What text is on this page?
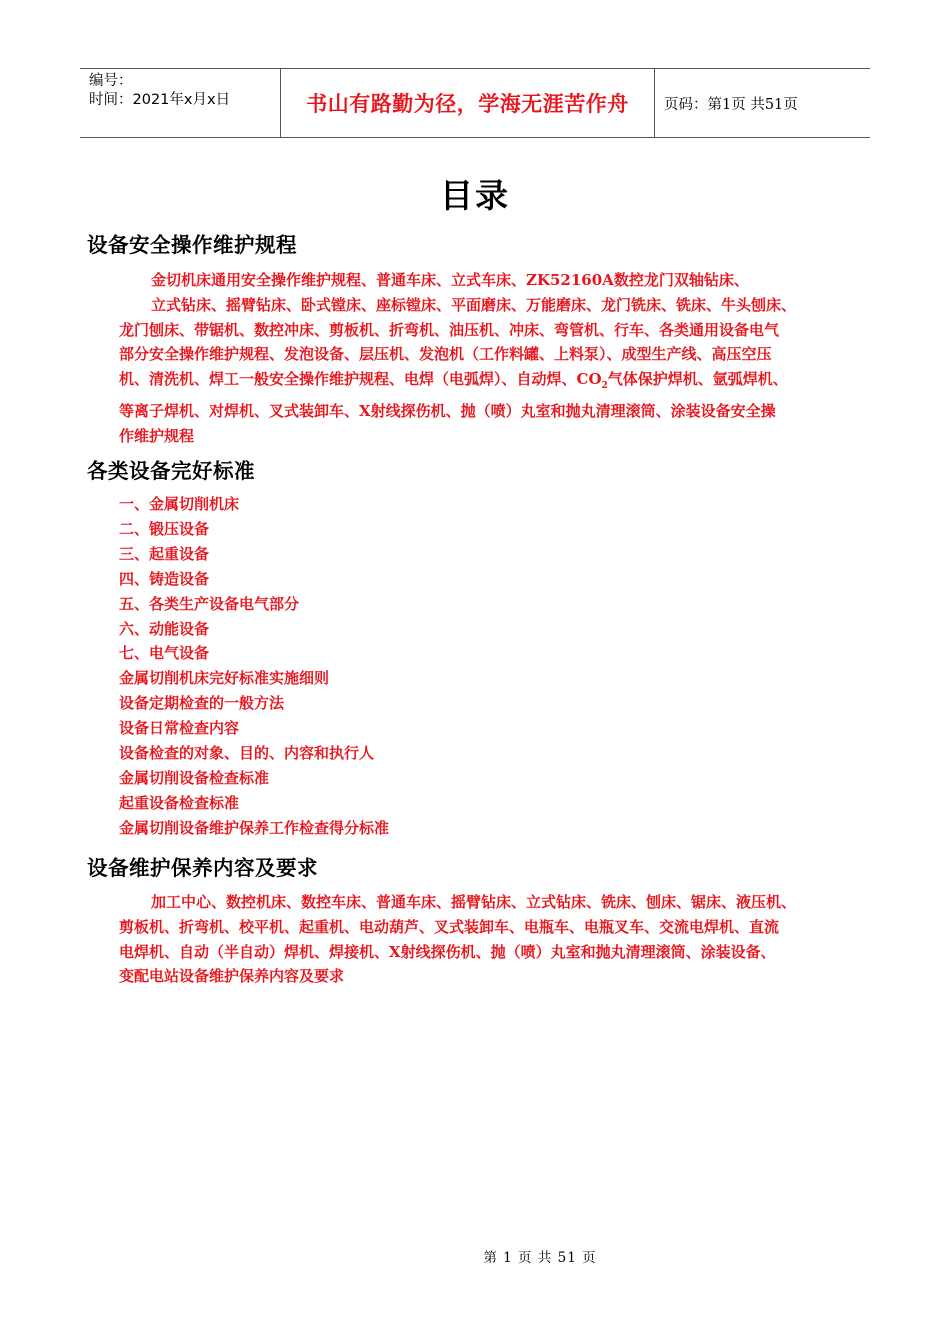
编号：
时间：2021年x月x日	书山有路勤为径，学海无涯苦作舟	页码：第1页 共51页
目录
设备安全操作维护规程
金切机床通用安全操作维护规程、普通车床、立式车床、ZK52160A数控龙门双轴钻床、
立式钻床、摇臂钻床、卧式镗床、座标镗床、平面磨床、万能磨床、龙门铣床、铣床、牛头刨床、
龙门刨床、带锯机、数控冲床、剪板机、折弯机、油压机、冲床、弯管机、行车、各类通用设备电气
部分安全操作维护规程、发泡设备、层压机、发泡机（工作料罐、上料泵）、成型生产线、高压空压
机、清洗机、焊工一般安全操作维护规程、电焊（电弧焊）、自动焊、$CO_2$气体保护焊机、氩弧焊机、
等离子焊机、对焊机、叉式装卸车、X射线探伤机、抛（喷）丸室和抛丸清理滚筒、涂装设备安全操
作维护规程
各类设备完好标准
一、金属切削机床
二、锻压设备
三、起重设备
四、铸造设备
五、各类生产设备电气部分
六、动能设备
七、电气设备
金属切削机床完好标准实施细则
设备定期检查的一般方法
设备日常检查内容
设备检查的对象、目的、内容和执行人
金属切削设备检查标准
起重设备检查标准
金属切削设备维护保养工作检查得分标准
设备维护保养内容及要求
加工中心、数控机床、数控车床、普通车床、摇臂钻床、立式钻床、铣床、刨床、锯床、液压机、
剪板机、折弯机、校平机、起重机、电动葫芦、叉式装卸车、电瓶车、电瓶叉车、交流电焊机、直流
电焊机、自动（半自动）焊机、焊接机、X射线探伤机、抛（喷）丸室和抛丸清理滚筒、涂装设备、
变配电站设备维护保养内容及要求
第 1 页 共 51 页
